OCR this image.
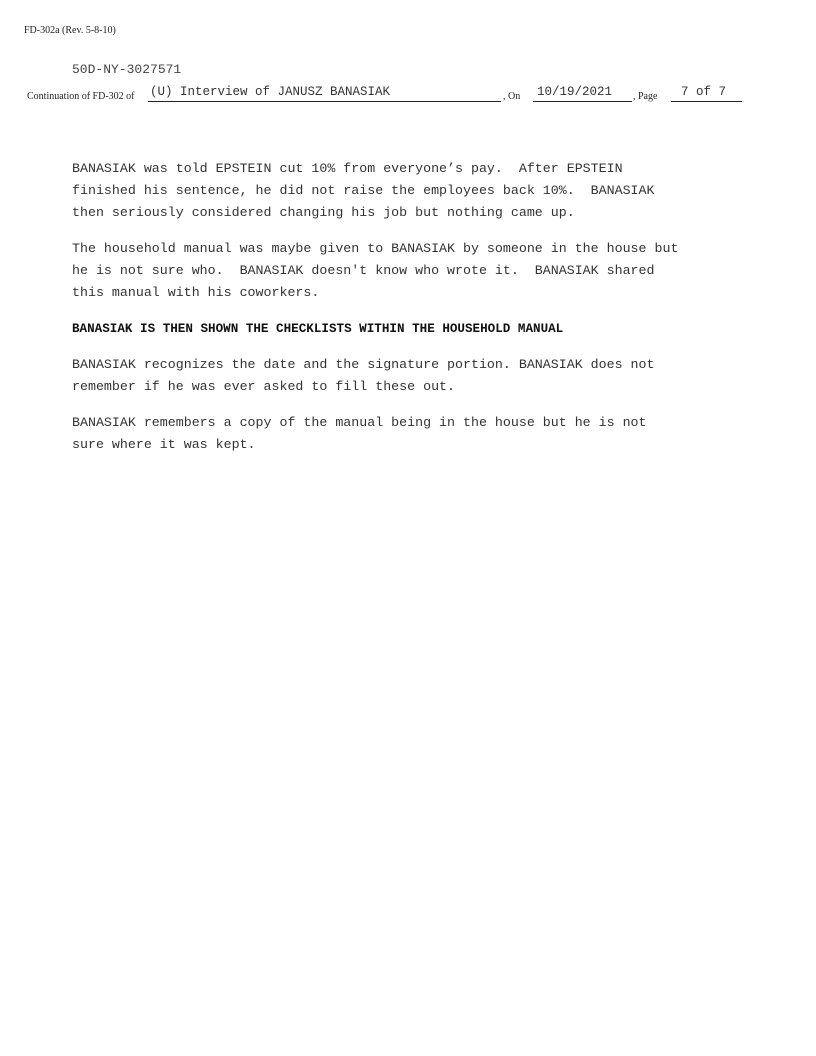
FD-302a (Rev. 5-8-10)
50D-NY-3027571
Continuation of FD-302 of (U) Interview of JANUSZ BANASIAK	, On 10/19/2021 , Page 7 of 7

BANASIAK was told EPSTEIN cut 10% from everyone’s pay.  After EPSTEIN
finished his sentence, he did not raise the employees back 10%.  BANASIAK
then seriously considered changing his job but nothing came up.

The household manual was maybe given to BANASIAK by someone in the house but
he is not sure who.  BANASIAK doesn't know who wrote it.  BANASIAK shared
this manual with his coworkers.

BANASIAK IS THEN SHOWN THE CHECKLISTS WITHIN THE HOUSEHOLD MANUAL

BANASIAK recognizes the date and the signature portion. BANASIAK does not
remember if he was ever asked to fill these out.

BANASIAK remembers a copy of the manual being in the house but he is not
sure where it was kept.
